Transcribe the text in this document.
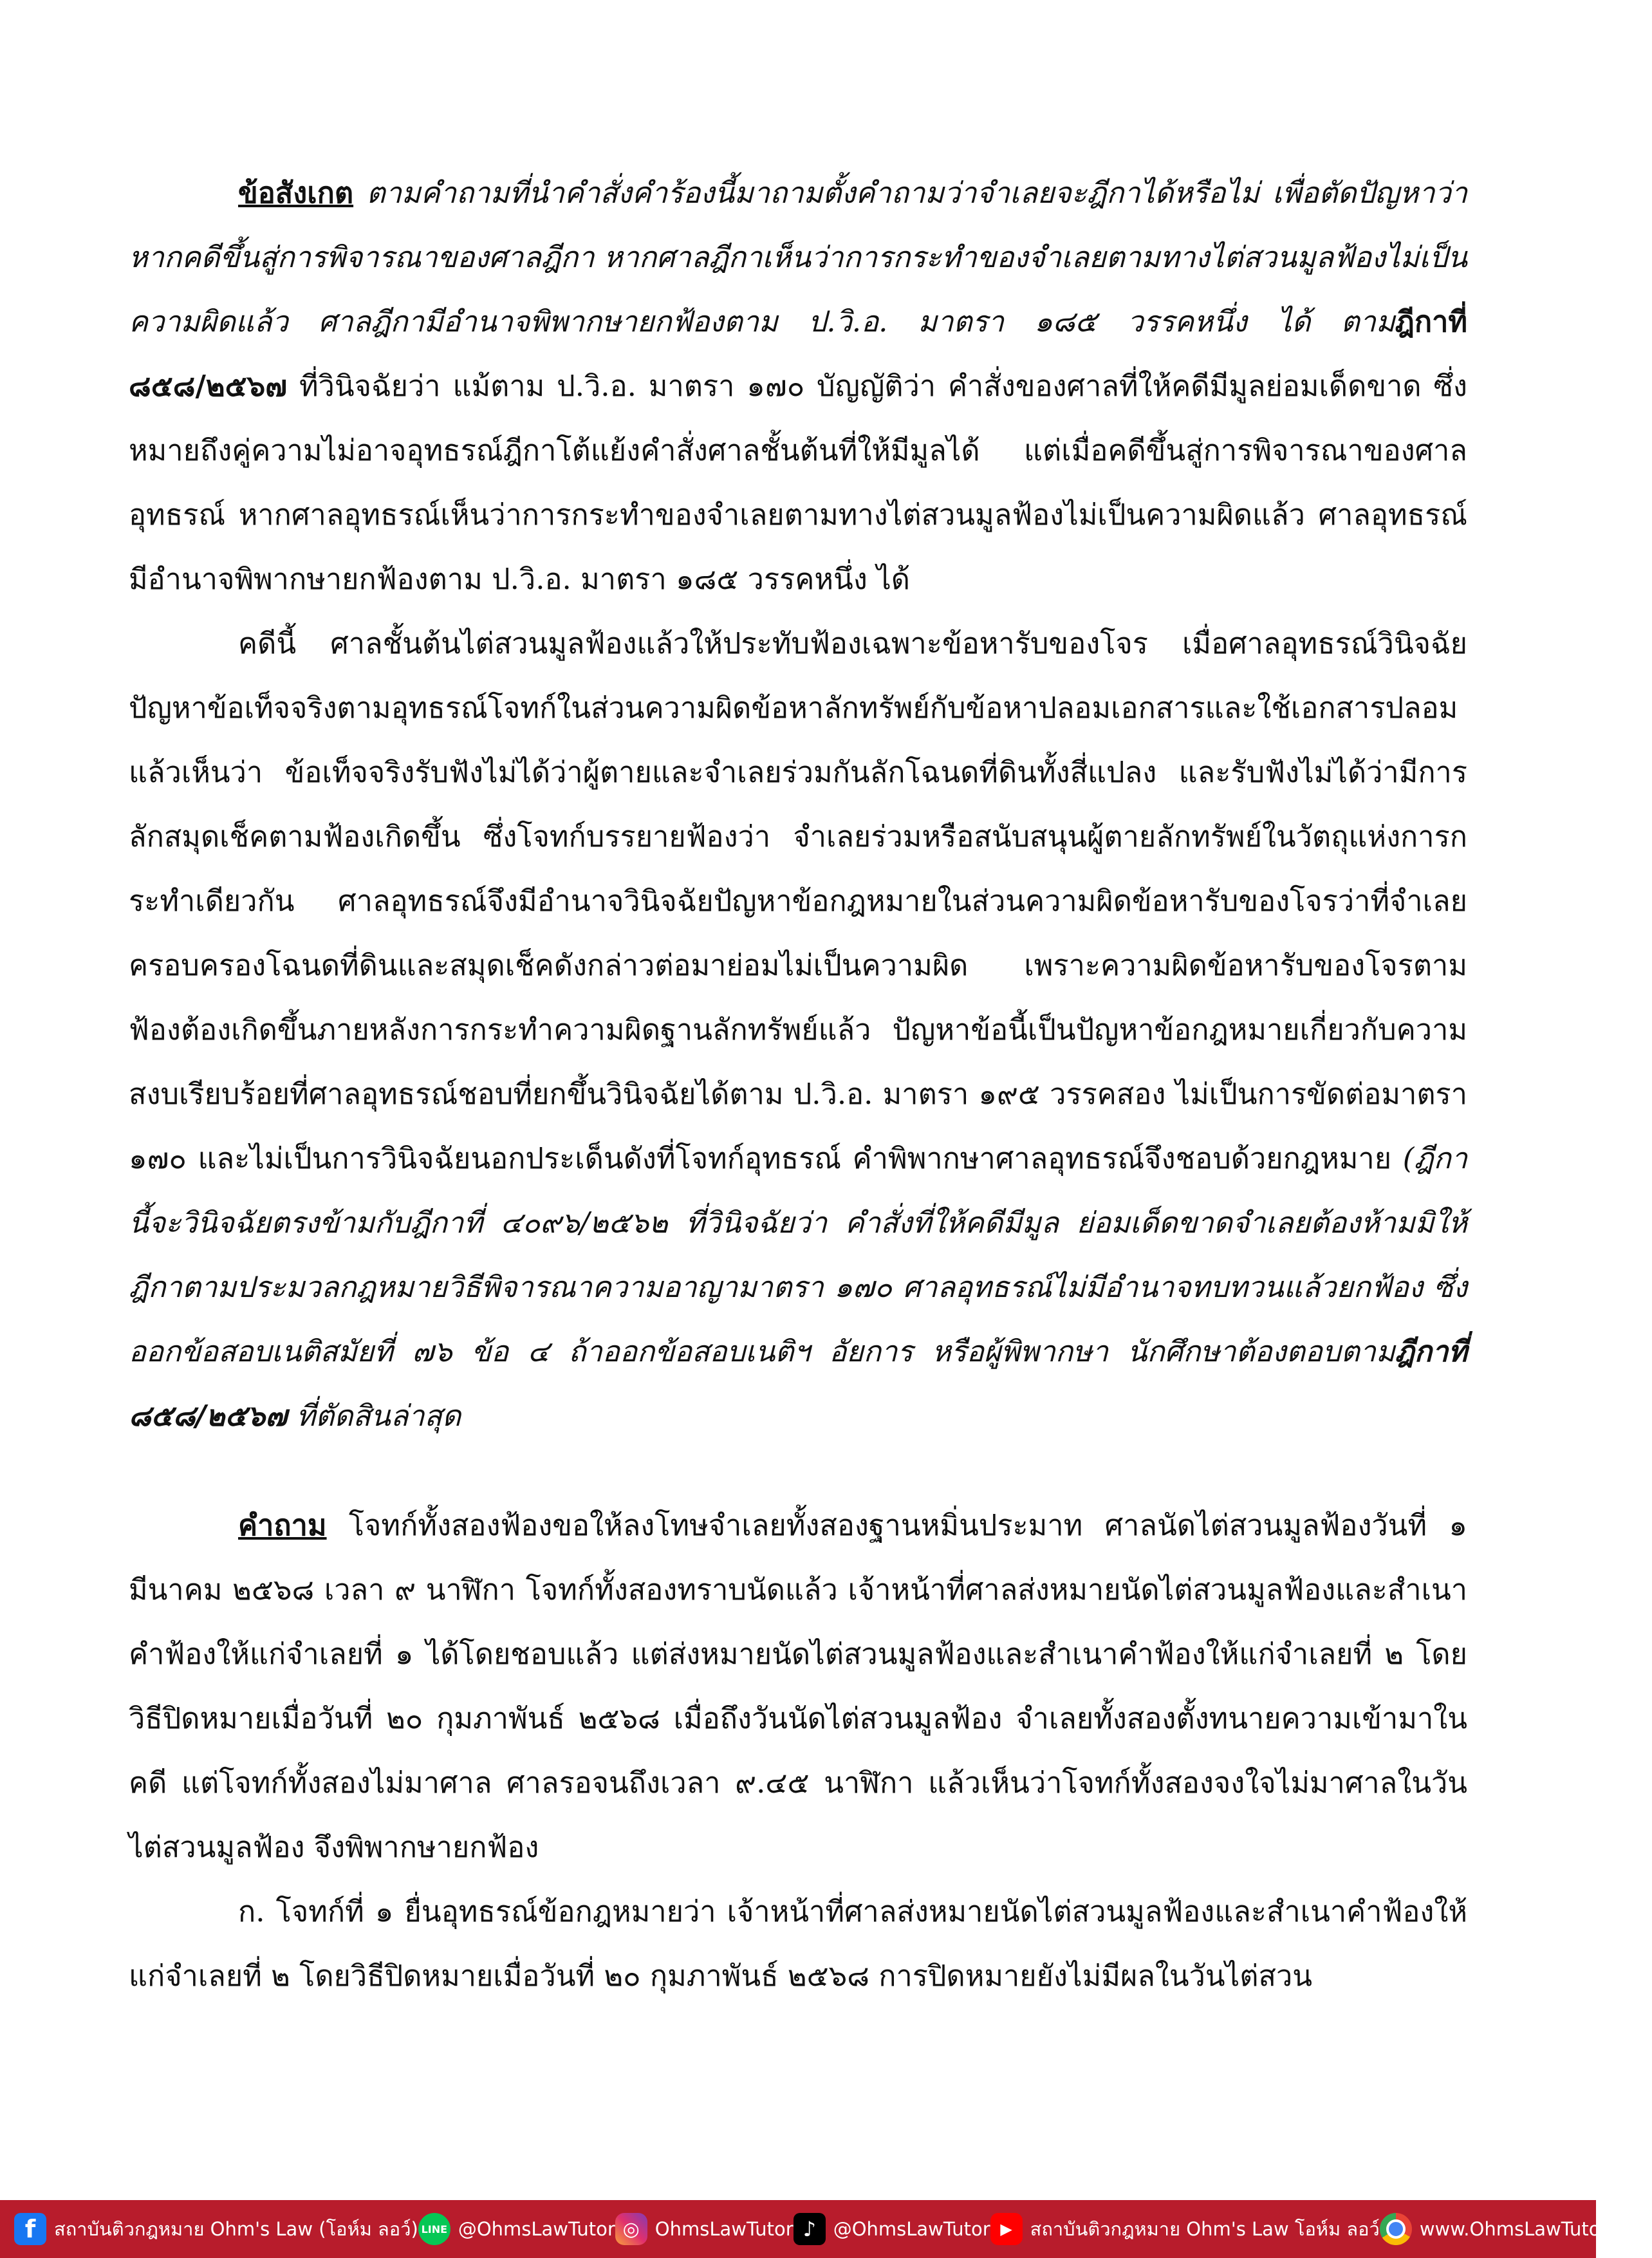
ข้อสังเกต ตามคำถามที่นำคำสั่งคำร้องนี้มาถามตั้งคำถามว่าจำเลยจะฎีกาได้หรือไม่ เพื่อตัดปัญหาว่า หากคดีขึ้นสู่การพิจารณาของศาลฎีกา หากศาลฎีกาเห็นว่าการกระทำของจำเลยตามทางไต่สวนมูลฟ้องไม่เป็นความผิดแล้ว ศาลฎีกามีอำนาจพิพากษายกฟ้องตาม ป.วิ.อ. มาตรา ๑๘๕ วรรคหนึ่ง ได้ ตามฎีกาที่ ๘๕๘/๒๕๖๗ ที่วินิจฉัยว่า แม้ตาม ป.วิ.อ. มาตรา ๑๗๐ บัญญัติว่า คำสั่งของศาลที่ให้คดีมีมูลย่อมเด็ดขาด ซึ่งหมายถึงคู่ความไม่อาจอุทธรณ์ฎีกาโต้แย้งคำสั่งศาลชั้นต้นที่ให้มีมูลได้ แต่เมื่อคดีขึ้นสู่การพิจารณาของศาลอุทธรณ์ หากศาลอุทธรณ์เห็นว่าการกระทำของจำเลยตามทางไต่สวนมูลฟ้องไม่เป็นความผิดแล้ว ศาลอุทธรณ์มีอำนาจพิพากษายกฟ้องตาม ป.วิ.อ. มาตรา ๑๘๕ วรรคหนึ่ง ได้

คดีนี้ ศาลชั้นต้นไต่สวนมูลฟ้องแล้วให้ประทับฟ้องเฉพาะข้อหารับของโจร เมื่อศาลอุทธรณ์วินิจฉัยปัญหาข้อเท็จจริงตามอุทธรณ์โจทก์ในส่วนความผิดข้อหาลักทรัพย์กับข้อหาปลอมเอกสารและใช้เอกสารปลอมแล้วเห็นว่า ข้อเท็จจริงรับฟังไม่ได้ว่าผู้ตายและจำเลยร่วมกันลักโฉนดที่ดินทั้งสี่แปลง และรับฟังไม่ได้ว่ามีการลักสมุดเช็คตามฟ้องเกิดขึ้น ซึ่งโจทก์บรรยายฟ้องว่า จำเลยร่วมหรือสนับสนุนผู้ตายลักทรัพย์ในวัตถุแห่งการกระทำเดียวกัน ศาลอุทธรณ์จึงมีอำนาจวินิจฉัยปัญหาข้อกฎหมายในส่วนความผิดข้อหารับของโจรว่าที่จำเลยครอบครองโฉนดที่ดินและสมุดเช็คดังกล่าวต่อมาย่อมไม่เป็นความผิด เพราะความผิดข้อหารับของโจรตามฟ้องต้องเกิดขึ้นภายหลังการกระทำความผิดฐานลักทรัพย์แล้ว ปัญหาข้อนี้เป็นปัญหาข้อกฎหมายเกี่ยวกับความสงบเรียบร้อยที่ศาลอุทธรณ์ชอบที่ยกขึ้นวินิจฉัยได้ตาม ป.วิ.อ. มาตรา ๑๙๕ วรรคสอง ไม่เป็นการขัดต่อมาตรา ๑๗๐ และไม่เป็นการวินิจฉัยนอกประเด็นดังที่โจทก์อุทธรณ์ คำพิพากษาศาลอุทธรณ์จึงชอบด้วยกฎหมาย (ฎีกานี้จะวินิจฉัยตรงข้ามกับฎีกาที่ ๔๐๙๖/๒๕๖๒ ที่วินิจฉัยว่า คำสั่งที่ให้คดีมีมูล ย่อมเด็ดขาดจำเลยต้องห้ามมิให้ฎีกาตามประมวลกฎหมายวิธีพิจารณาความอาญามาตรา ๑๗๐ ศาลอุทธรณ์ไม่มีอำนาจทบทวนแล้วยกฟ้อง ซึ่งออกข้อสอบเนติสมัยที่ ๗๖ ข้อ ๔ ถ้าออกข้อสอบเนติฯ อัยการ หรือผู้พิพากษา นักศึกษาต้องตอบตามฎีกาที่ ๘๕๘/๒๕๖๗ ที่ตัดสินล่าสุด

คำถาม โจทก์ทั้งสองฟ้องขอให้ลงโทษจำเลยทั้งสองฐานหมิ่นประมาท ศาลนัดไต่สวนมูลฟ้องวันที่ ๑ มีนาคม ๒๕๖๘ เวลา ๙ นาฬิกา โจทก์ทั้งสองทราบนัดแล้ว เจ้าหน้าที่ศาลส่งหมายนัดไต่สวนมูลฟ้องและสำเนาคำฟ้องให้แก่จำเลยที่ ๑ ได้โดยชอบแล้ว แต่ส่งหมายนัดไต่สวนมูลฟ้องและสำเนาคำฟ้องให้แก่จำเลยที่ ๒ โดยวิธีปิดหมายเมื่อวันที่ ๒๐ กุมภาพันธ์ ๒๕๖๘ เมื่อถึงวันนัดไต่สวนมูลฟ้อง จำเลยทั้งสองตั้งทนายความเข้ามาในคดี แต่โจทก์ทั้งสองไม่มาศาล ศาลรอจนถึงเวลา ๙.๔๕ นาฬิกา แล้วเห็นว่าโจทก์ทั้งสองจงใจไม่มาศาลในวันไต่สวนมูลฟ้อง จึงพิพากษายกฟ้อง

ก. โจทก์ที่ ๑ ยื่นอุทธรณ์ข้อกฎหมายว่า เจ้าหน้าที่ศาลส่งหมายนัดไต่สวนมูลฟ้องและสำเนาคำฟ้องให้แก่จำเลยที่ ๒ โดยวิธีปิดหมายเมื่อวันที่ ๒๐ กุมภาพันธ์ ๒๕๖๘ การปิดหมายยังไม่มีผลในวันไต่สวน

f สถาบันติวกฎหมาย Ohm's Law (โอห์ม ลอว์) LINE @OhmsLawTutor ◎ OhmsLawTutor ♪ @OhmsLawTutor ▶ สถาบันติวกฎหมาย Ohm's Law โอห์ม ลอว์ www.OhmsLawTutor.com
